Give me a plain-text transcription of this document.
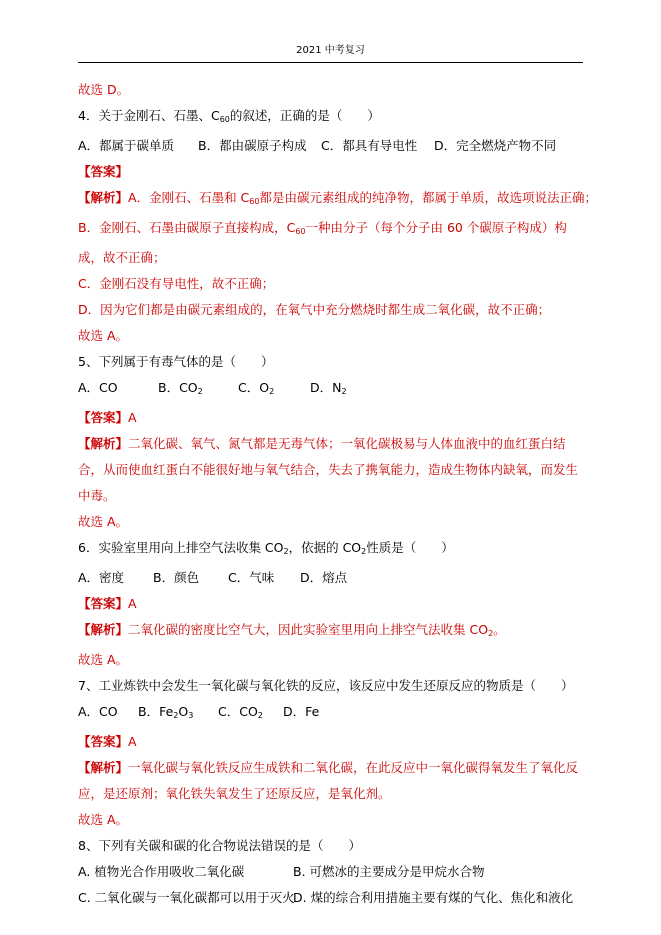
2021 中考复习
故选 D。
4．关于金刚石、石墨、$C_{60}$的叙述，正确的是（　　）
A．都属于碳单质	B．都由碳原子构成	C．都具有导电性	D．完全燃烧产物不同
【答案】
【解析】A．金刚石、石墨和 $C_{60}$都是由碳元素组成的纯净物，都属于单质，故选项说法正确；
B．金刚石、石墨由碳原子直接构成，$C_{60}$一种由分子（每个分子由 60 个碳原子构成）构成，故不正确；
C．金刚石没有导电性，故不正确；
D．因为它们都是由碳元素组成的，在氧气中充分燃烧时都生成二氧化碳，故不正确；
故选 A。
5、下列属于有毒气体的是（　　）
A．CO	B．$CO_2$	C．$O_2$	D．$N_2$
【答案】A
【解析】二氧化碳、氧气、氮气都是无毒气体；一氧化碳极易与人体血液中的血红蛋白结合，从而使血红蛋白不能很好地与氧气结合，失去了携氧能力，造成生物体内缺氧，而发生中毒。
故选 A。
6．实验室里用向上排空气法收集 $CO_2$，依据的 $CO_2$性质是（　　）
A．密度	B．颜色	C．气味	D．熔点
【答案】A
【解析】二氧化碳的密度比空气大，因此实验室里用向上排空气法收集 $CO_2$。
故选 A。
7、工业炼铁中会发生一氧化碳与氧化铁的反应，该反应中发生还原反应的物质是（　　）
A．CO	B．$Fe_2O_3$	C．$CO_2$	D．Fe
【答案】A
【解析】一氧化碳与氧化铁反应生成铁和二氧化碳，在此反应中一氧化碳得氧发生了氧化反应，是还原剂；氧化铁失氧发生了还原反应，是氧化剂。
故选 A。
8、下列有关碳和碳的化合物说法错误的是（　　）
A. 植物光合作用吸收二氧化碳	B. 可燃冰的主要成分是甲烷水合物
C. 二氧化碳与一氧化碳都可以用于灭火
D. 煤的综合利用措施主要有煤的气化、焦化和液化
